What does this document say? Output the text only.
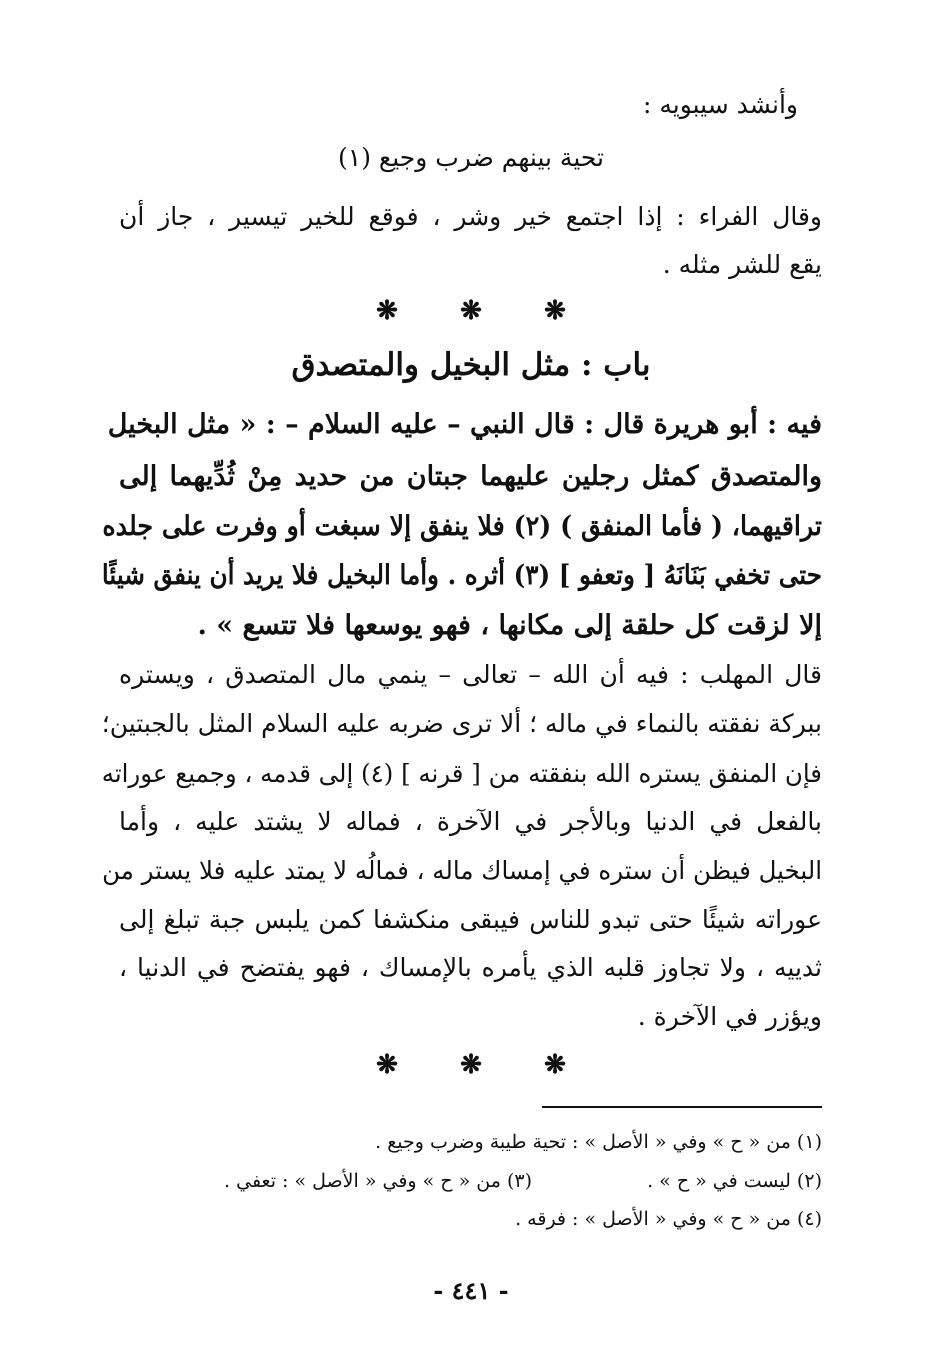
وأنشد سيبويه :
تحية بينهم ضرب وجيع (١)
وقال الفراء : إذا اجتمع خير وشر ، فوقع للخير تيسير ، جاز أن
يقع للشر مثله .
❋❋❋
باب : مثل البخيل والمتصدق
فيه : أبو هريرة قال : قال النبي – عليه السلام – : « مثل البخيل
والمتصدق كمثل رجلين عليهما جبتان من حديد مِنْ ثُدِّيهما إلى
تراقيهما، ( فأما المنفق ) (٢) فلا ينفق إلا سبغت أو وفرت على جلده
حتى تخفي بَنَانَهُ [ وتعفو ] (٣) أثره . وأما البخيل فلا يريد أن ينفق شيئًا
إلا لزقت كل حلقة إلى مكانها ، فهو يوسعها فلا تتسع » .
قال المهلب : فيه أن الله – تعالى – ينمي مال المتصدق ، ويستره
ببركة نفقته بالنماء في ماله ؛ ألا ترى ضربه عليه السلام المثل بالجبتين؛
فإن المنفق يستره الله بنفقته من [ قرنه ] (٤) إلى قدمه ، وجميع عوراته
بالفعل في الدنيا وبالأجر في الآخرة ، فماله لا يشتد عليه ، وأما
البخيل فيظن أن ستره في إمساك ماله ، فمالُه لا يمتد عليه فلا يستر من
عوراته شيئًا حتى تبدو للناس فيبقى منكشفا كمن يلبس جبة تبلغ إلى
ثدييه ، ولا تجاوز قلبه الذي يأمره بالإمساك ، فهو يفتضح في الدنيا ،
ويؤزر في الآخرة .
❋❋❋
(١) من « ح » وفي « الأصل » : تحية طيبة وضرب وجيع .
(٢) ليست في « ح » .
(٣) من « ح » وفي « الأصل » : تعفي .
(٤) من « ح » وفي « الأصل » : فرقه .
- ٤٤١ -
